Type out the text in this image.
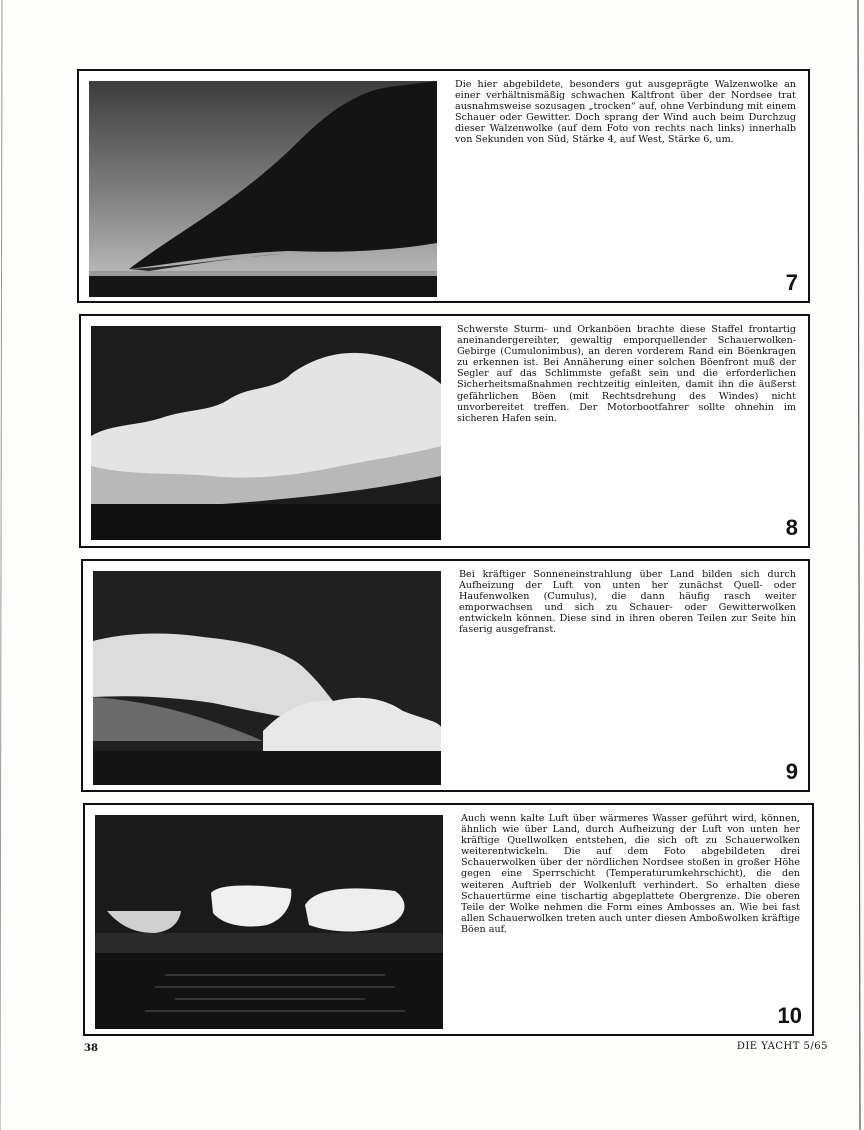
Die hier abgebildete, besonders gut ausgeprägte Walzenwolke an einer verhältnismäßig schwachen Kaltfront über der Nordsee trat ausnahmsweise sozusagen „trocken“ auf, ohne Verbindung mit einem Schauer oder Gewitter. Doch sprang der Wind auch beim Durchzug dieser Walzenwolke (auf dem Foto von rechts nach links) innerhalb von Sekunden von Süd, Stärke 4, auf West, Stärke 6, um.
7
Schwerste Sturm- und Orkanböen brachte diese Staffel frontartig aneinandergereihter, gewaltig emporquellender Schauerwolken-Gebirge (Cumulonimbus), an deren vorderem Rand ein Böenkragen zu erkennen ist. Bei Annäherung einer solchen Böenfront muß der Segler auf das Schlimmste gefaßt sein und die erforderlichen Sicherheitsmaßnahmen rechtzeitig einleiten, damit ihn die äußerst gefährlichen Böen (mit Rechtsdrehung des Windes) nicht unvorbereitet treffen. Der Motorbootfahrer sollte ohnehin im sicheren Hafen sein.
8
Bei kräftiger Sonneneinstrahlung über Land bilden sich durch Aufheizung der Luft von unten her zunächst Quell- oder Haufenwolken (Cumulus), die dann häufig rasch weiter emporwachsen und sich zu Schauer- oder Gewitterwolken entwickeln können. Diese sind in ihren oberen Teilen zur Seite hin faserig ausgefranst.
9
Auch wenn kalte Luft über wärmeres Wasser geführt wird, können, ähnlich wie über Land, durch Aufheizung der Luft von unten her kräftige Quellwolken entstehen, die sich oft zu Schauerwolken weiterentwickeln. Die auf dem Foto abgebildeten drei Schauerwolken über der nördlichen Nordsee stoßen in großer Höhe gegen eine Sperrschicht (Temperaturumkehrschicht), die den weiteren Auftrieb der Wolkenluft verhindert. So erhalten diese Schauertürme eine tischartig abgeplattete Obergrenze. Die oberen Teile der Wolke nehmen die Form eines Ambosses an. Wie bei fast allen Schauerwolken treten auch unter diesen Amboßwolken kräftige Böen auf.
10
38	DIE YACHT 5/65
